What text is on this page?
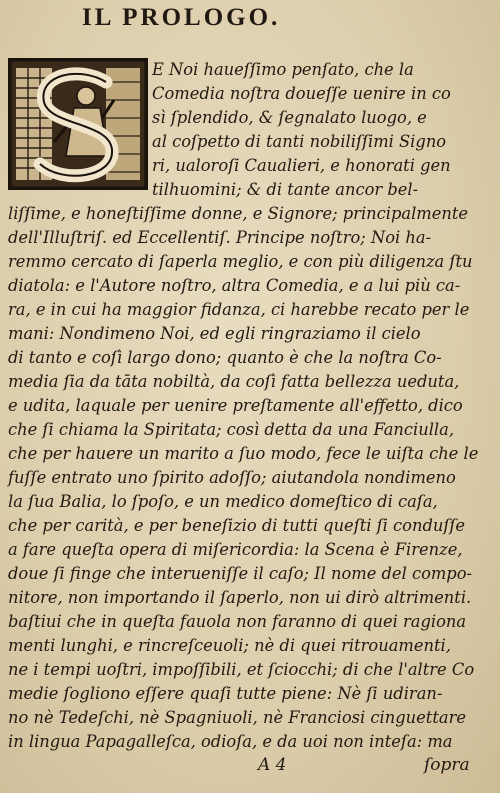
IL PROLOGO.
E Noi haueſſimo penſato, che la
Comedia noſtra doueſſe uenire in co
sì ſplendido, & ſegnalato luogo, e
al coſpetto di tanti nobiliſſimi Signo
ri, ualoroſi Caualieri, e honorati gen
tilhuomini; & di tante ancor bel-
liſſime, e honeſtiſſime donne, e Signore; principalmente
dell'Illuſtriſ. ed Eccellentiſ. Principe noſtro; Noi ha-
remmo cercato di ſaperla meglio, e con più diligenza ſtu
diatola: e l'Autore noſtro, altra Comedia, e a lui più ca-
ra, e in cui ha maggior fidanza, ci harebbe recato per le
mani: Nondimeno Noi, ed egli ringraziamo il cielo
di tanto e coſì largo dono; quanto è che la noſtra Co-
media ſia da tāta nobiltà, da coſì fatta bellezza ueduta,
e udita, laquale per uenire preſtamente all'effetto, dico
che ſi chiama la Spiritata; così detta da una Fanciulla,
che per hauere un marito a ſuo modo, fece le uiſta che le
fuſſe entrato uno ſpirito adoſſo; aiutandola nondimeno
la ſua Balia, lo ſpoſo, e un medico domeſtico di caſa,
che per carità, e per beneſizio di tutti queſti ſi conduſſe
a fare queſta opera di miſericordia: la Scena è Firenze,
doue ſi finge che interueniſſe il caſo; Il nome del compo-
nitore, non importando il ſaperlo, non ui dirò altrimenti.
baſtiui che in queſta fauola non faranno di quei ragiona
menti lunghi, e rincreſceuoli; nè di quei ritrouamenti,
ne i tempi uoſtri, impoſſibili, et ſciocchi; di che l'altre Co
medie ſogliono eſſere quaſi tutte piene: Nè ſi udiran-
no nè Tedeſchi, nè Spagniuoli, nè Franciosi cinguettare
in lingua Papagalleſca, odioſa, e da uoi non inteſa: ma
A 4	ſopra
